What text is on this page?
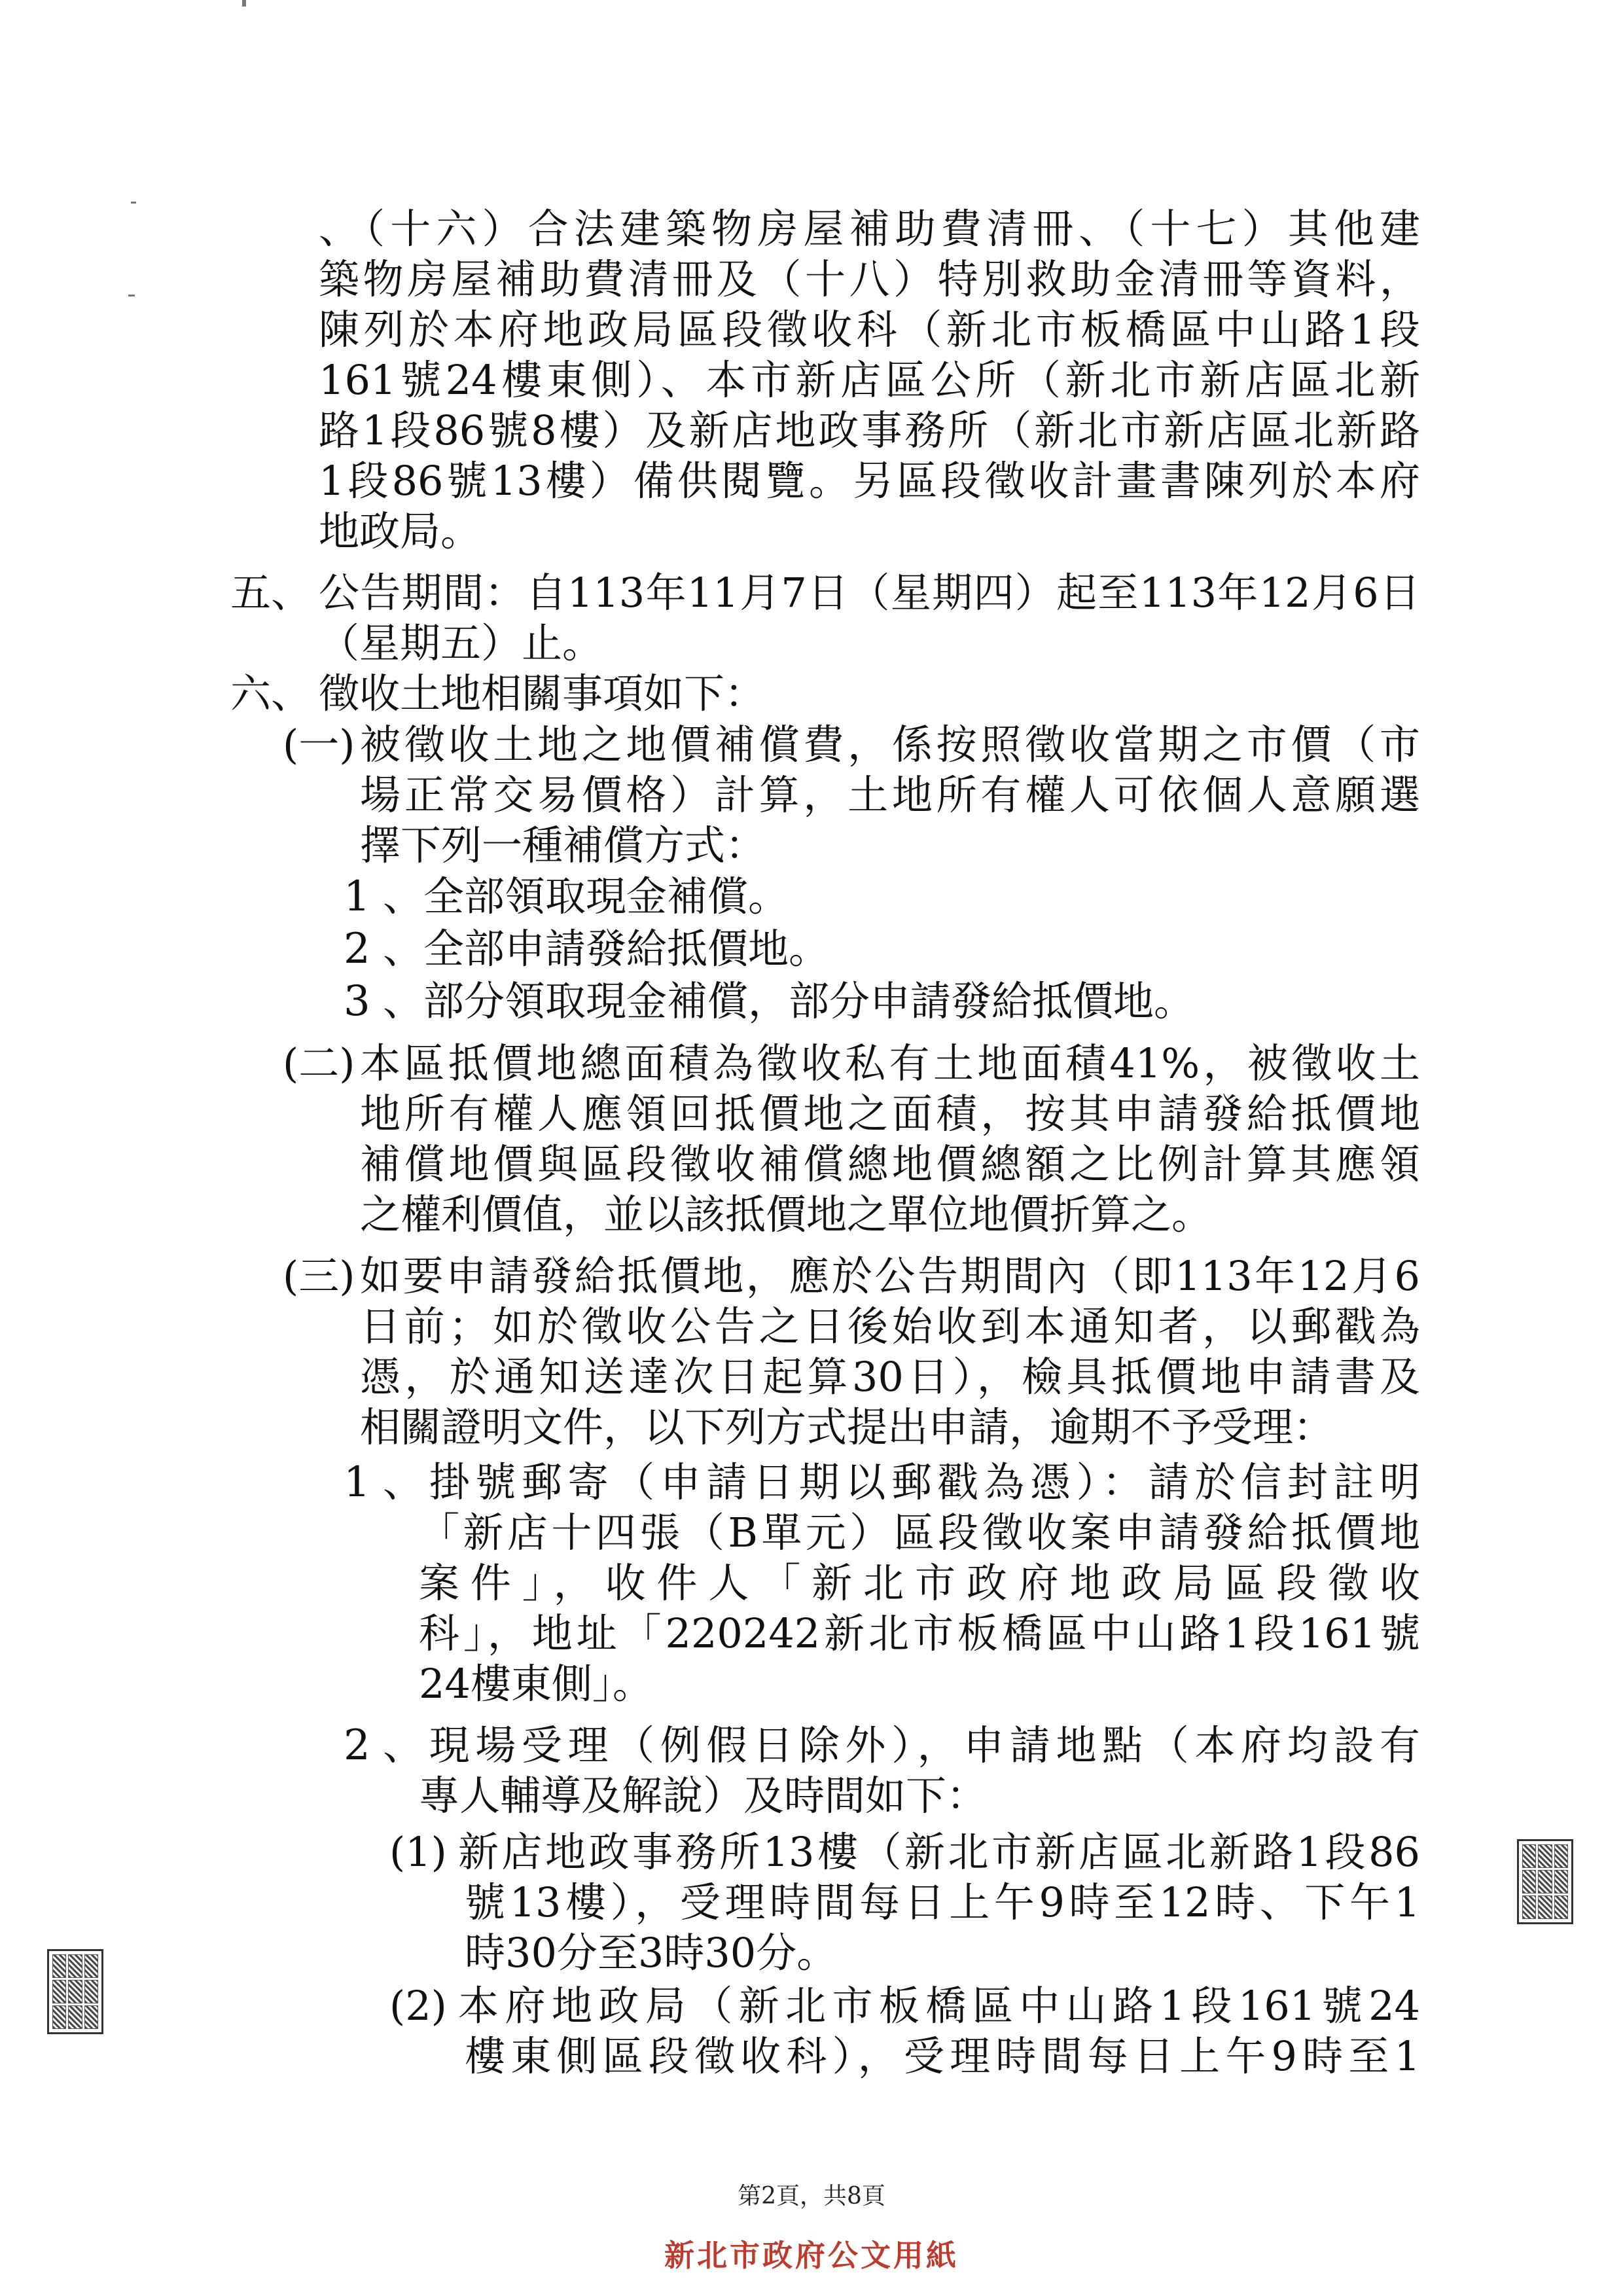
、（十六）合法建築物房屋補助費清冊、（十七）其他建
築物房屋補助費清冊及（十八）特別救助金清冊等資料，
陳列於本府地政局區段徵收科（新北市板橋區中山路1段
161號24樓東側）、本市新店區公所（新北市新店區北新
路1段86號8樓）及新店地政事務所（新北市新店區北新路
1段86號13樓）備供閱覽。另區段徵收計畫書陳列於本府
地政局。
五、 公告期間：自113年11月7日（星期四）起至113年12月6日
（星期五）止。
六、 徵收土地相關事項如下：
(一) 被徵收土地之地價補償費，係按照徵收當期之市價（市
場正常交易價格）計算，土地所有權人可依個人意願選
擇下列一種補償方式：
1 、全部領取現金補償。
2 、全部申請發給抵價地。
3 、部分領取現金補償，部分申請發給抵價地。
(二) 本區抵價地總面積為徵收私有土地面積41%，被徵收土
地所有權人應領回抵價地之面積，按其申請發給抵價地
補償地價與區段徵收補償總地價總額之比例計算其應領
之權利價值，並以該抵價地之單位地價折算之。
(三) 如要申請發給抵價地，應於公告期間內（即113年12月6
日前；如於徵收公告之日後始收到本通知者，以郵戳為
憑，於通知送達次日起算30日），檢具抵價地申請書及
相關證明文件，以下列方式提出申請，逾期不予受理：
1 、掛號郵寄（申請日期以郵戳為憑）：請於信封註明
「新店十四張（B單元）區段徵收案申請發給抵價地
案件」，收件人「新北市政府地政局區段徵收
科」，地址「220242新北市板橋區中山路1段161號
24樓東側」。
2 、現場受理（例假日除外），申請地點（本府均設有
專人輔導及解說）及時間如下：
(1) 新店地政事務所13樓（新北市新店區北新路1段86
號13樓），受理時間每日上午9時至12時、下午1
時30分至3時30分。
(2) 本府地政局（新北市板橋區中山路1段161號24
樓東側區段徵收科），受理時間每日上午9時至1
第2頁，共8頁
新北市政府公文用紙
